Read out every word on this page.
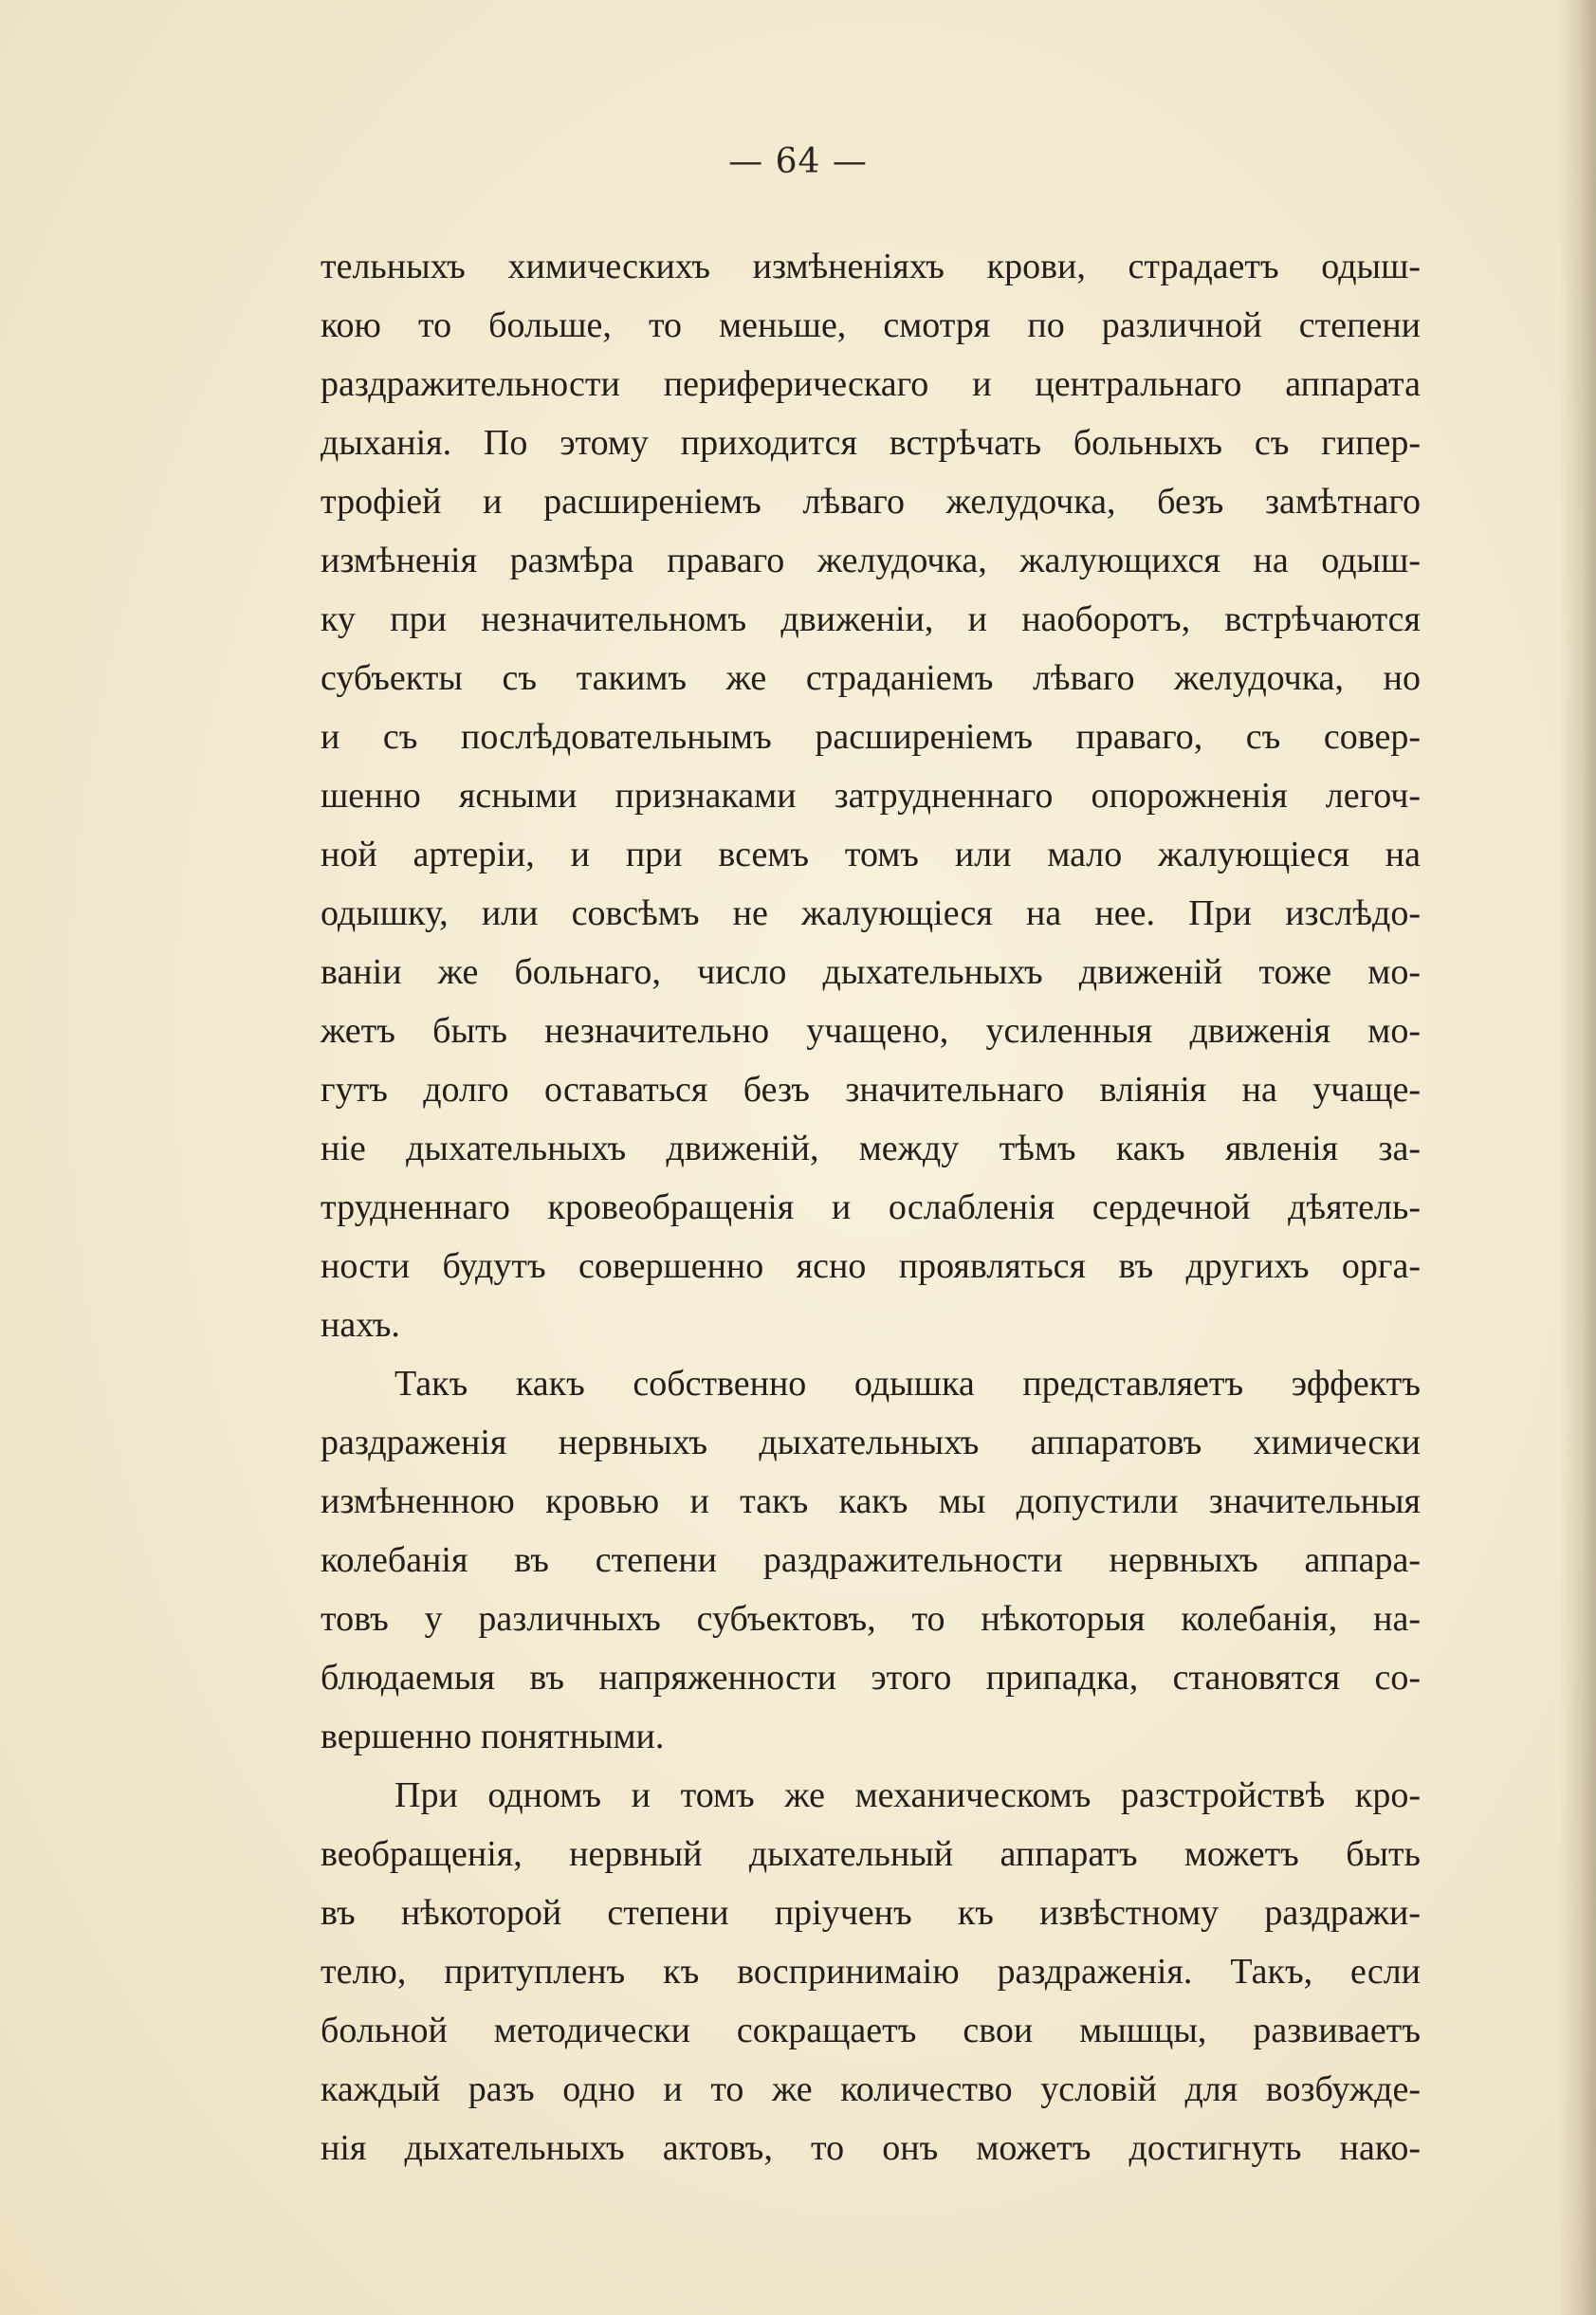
— 64 —
тельныхъ химическихъ измѣненіяхъ крови, страдаетъ одыш-
кою то больше, то меньше, смотря по различной степени
раздражительности периферическаго и центральнаго аппарата
дыханія. По этому приходится встрѣчать больныхъ съ гипер-
трофіей и расширеніемъ лѣваго желудочка, безъ замѣтнаго
измѣненія размѣра праваго желудочка, жалующихся на одыш-
ку при незначительномъ движеніи, и наоборотъ, встрѣчаются
субъекты съ такимъ же страданіемъ лѣваго желудочка, но
и съ послѣдовательнымъ расширеніемъ праваго, съ совер-
шенно ясными признаками затрудненнаго опорожненія легоч-
ной артеріи, и при всемъ томъ или мало жалующіеся на
одышку, или совсѣмъ не жалующіеся на нее. При изслѣдо-
ваніи же больнаго, число дыхательныхъ движеній тоже мо-
жетъ быть незначительно учащено, усиленныя движенія мо-
гутъ долго оставаться безъ значительнаго вліянія на учаще-
ніе дыхательныхъ движеній, между тѣмъ какъ явленія за-
трудненнаго кровеобращенія и ослабленія сердечной дѣятель-
ности будутъ совершенно ясно проявляться въ другихъ орга-
нахъ.
Такъ какъ собственно одышка представляетъ эффектъ
раздраженія нервныхъ дыхательныхъ аппаратовъ химически
измѣненною кровью и такъ какъ мы допустили значительныя
колебанія въ степени раздражительности нервныхъ аппара-
товъ у различныхъ субъектовъ, то нѣкоторыя колебанія, на-
блюдаемыя въ напряженности этого припадка, становятся со-
вершенно понятными.
При одномъ и томъ же механическомъ разстройствѣ кро-
веобращенія, нервный дыхательный аппаратъ можетъ быть
въ нѣкоторой степени пріученъ къ извѣстному раздражи-
телю, притупленъ къ воспринимаію раздраженія. Такъ, если
больной методически сокращаетъ свои мышцы, развиваетъ
каждый разъ одно и то же количество условій для возбужде-
нія дыхательныхъ актовъ, то онъ можетъ достигнуть нако-
